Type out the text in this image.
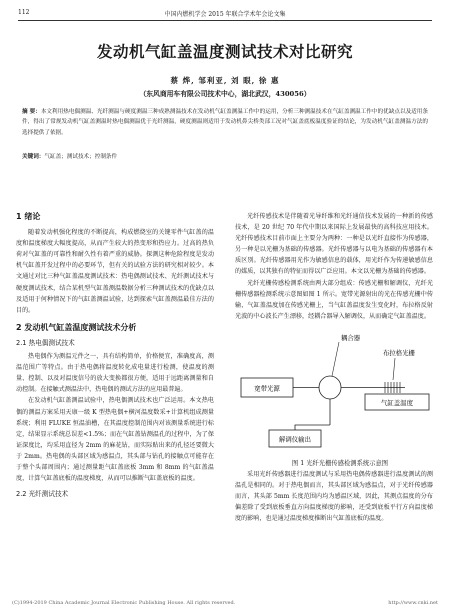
112	中国内燃机学会 2015 年联合学术年会论文集
发动机气缸盖温度测试技术对比研究
蔡 烨, 邹利亚, 刘 眼, 徐 惠
（东风商用车有限公司技术中心，湖北武汉，430056）
摘 要：本文利用热电偶测温、光纤测温与硬度测温三种成熟测温技术在发动机气缸盖测温工作中的运用，分析三种测温技术在气缸盖测温工作中的优缺点以及适用条件，得出了常规发动机气缸盖测温时热电偶测温优于光纤测温，硬度测温则适用于发动机鼻尖桥类部工况对气缸盖底板温度验证的结论，为发动机气缸盖测温方法的选择提供了依据。
关键词：气缸盖；测试技术；控制条件
1 绪论

随着发动机强化程度的不断提高，构成燃烧室的关键零件气缸盖的温度和温度梯度大幅度提高，从而产生较大的热变形和热应力。过高的热负荷对气缸盖的可靠性和耐久性有着严重的威胁。探测这种危险程度是发动机气缸盖开发过程中的必要环节，但有关的试验方法的研究相对较少。本文通过对比三种气缸盖温度测试技术：热电偶测试技术、光纤测试技术与硬度测试技术，结合某机型气缸盖测温数据分析三种测试技术的优缺点以及适用于何种情况下的气缸盖测温试验，达到探索气缸盖测温最佳方法的目的。

2 发动机气缸盖温度测试技术分析
2.1 热电偶测试技术

热电偶作为测温元件之一，具有结构简单，价格便宜，准确度高，测温范围广等特点。由于热电偶将温度转化成电量进行检测，使温度的测量、控制、以及对温度信号的放大变换都很方便，适用于远距离测量和自动控制。在接触式测温法中，热电偶的测试方法的应用最普遍。

在发动机气缸盖测温试验中，热电偶测试技术也广泛运用。本文热电偶的测温方案采用天康一级 K 型热电偶+横河温度数采+计算机组成测量系统；利用 FLUKE 恒温油槽，在其温度控制范围内对该测量系统进行标定，结果显示系统总误差<1.5%；而在气缸盖钻测温孔的过程中，为了保证深度比，均采用直径为 2mm 的麻花钻，而实际贴出来的孔径还要微大于 2mm。热电偶的头部区域为感温点，其头部与钻孔的接触点可能存在于整个头部周围内；通过测量距气缸盖底板 3mm 和 8mm 的气缸盖温度，计算气缸盖底板的温度梯度，从而可以推断气缸盖底板的温度。

2.2 光纤测试技术

光纤传感技术是伴随着光导纤维和光纤通信技术发展的一种新的传感技术，是 20 世纪 70 年代中期以来国际上发展最快的高科技应用技术。光纤传感技术目前市面上主要分为两种：一种是以光纤直接作为传感器，另一种是以光栅为基础的传感器。光纤传感器与以电为基础的传感器有本质区别。光纤传感器用光作为敏感信息的载体，用光纤作为传递敏感信息的媒质，以其独有的特征而得以广泛应用。本文以光栅为基础的传感器。

光纤光栅传感检测系统由两大部分组成：传感光栅和解调仪，光纤光栅传感器检测系统示意图如图 1 所示。宽带光源射出的光在传感光栅中传输，气缸盖温度加在传感光栅上，当气缸盖温度发生变化时，布拉格反射光波的中心波长产生漂移，经耦合器导入解调仪，从而确定气缸盖温度。

宽带光源
耦合器
布拉格光栅
气缸盖温度
解调仪输出

图 1 光纤光栅传感检测系统示意图

采用光纤传感器进行温度测试与采用热电偶传感器进行温度测试的测温孔是相同的。对于热电偶而言，其头部区域为感温点，对于光纤传感器而言，其头部 5mm 长度范围内均为感温区域，因此，其测点温度的分布偏差除了受到底板垂直方向温度梯度的影响，还受到底板平行方向温度梯度的影响，也是通过温度梯度推断出气缸盖底板的温度。

(C)1994-2019 China Academic Journal Electronic Publishing House. All rights reserved.	http://www.cnki.net
